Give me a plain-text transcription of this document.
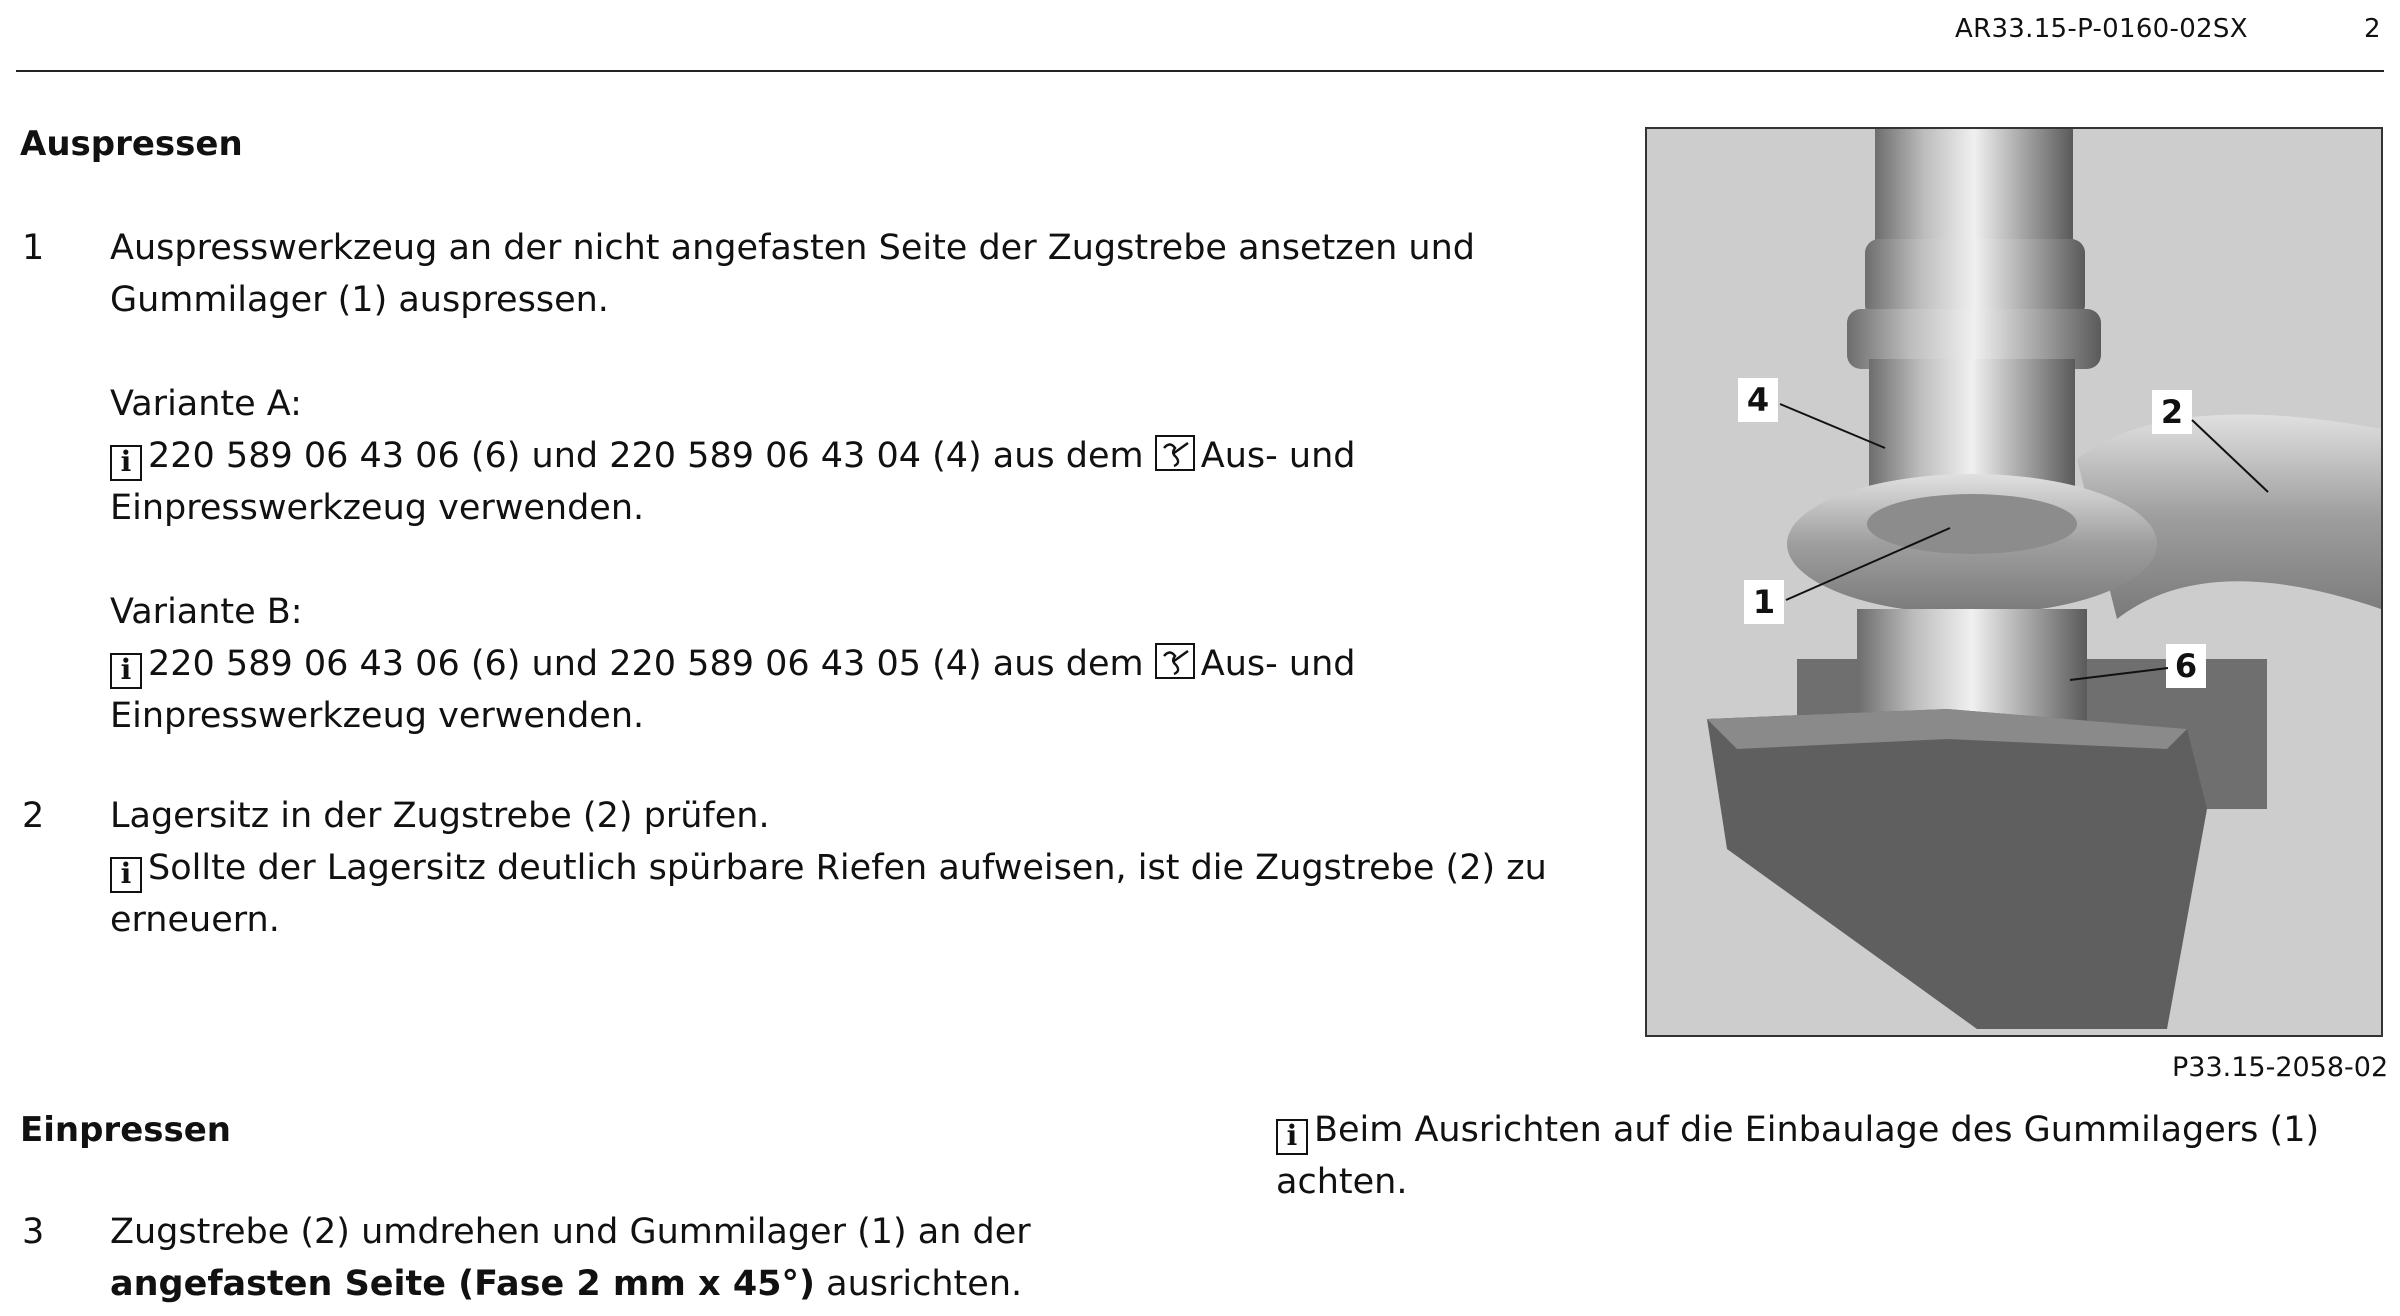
AR33.15-P-0160-02SX	2
Auspressen
1 Auspresswerkzeug an der nicht angefasten Seite der Zugstrebe ansetzen und
Gummilager (1) auspressen.
Variante A:
i 220 589 06 43 06 (6) und 220 589 06 43 04 (4) aus dem Aus- und
Einpresswerkzeug verwenden.
Variante B:
i 220 589 06 43 06 (6) und 220 589 06 43 05 (4) aus dem Aus- und
Einpresswerkzeug verwenden.
2 Lagersitz in der Zugstrebe (2) prüfen.
i Sollte der Lagersitz deutlich spürbare Riefen aufweisen, ist die Zugstrebe (2) zu
erneuern.
4	2
1
6
P33.15-2058-02
Einpressen
3 Zugstrebe (2) umdrehen und Gummilager (1) an der
angefasten Seite (Fase 2 mm x 45°) ausrichten.
i Beim Ausrichten auf die Einbaulage des Gummilagers (1)
achten.
